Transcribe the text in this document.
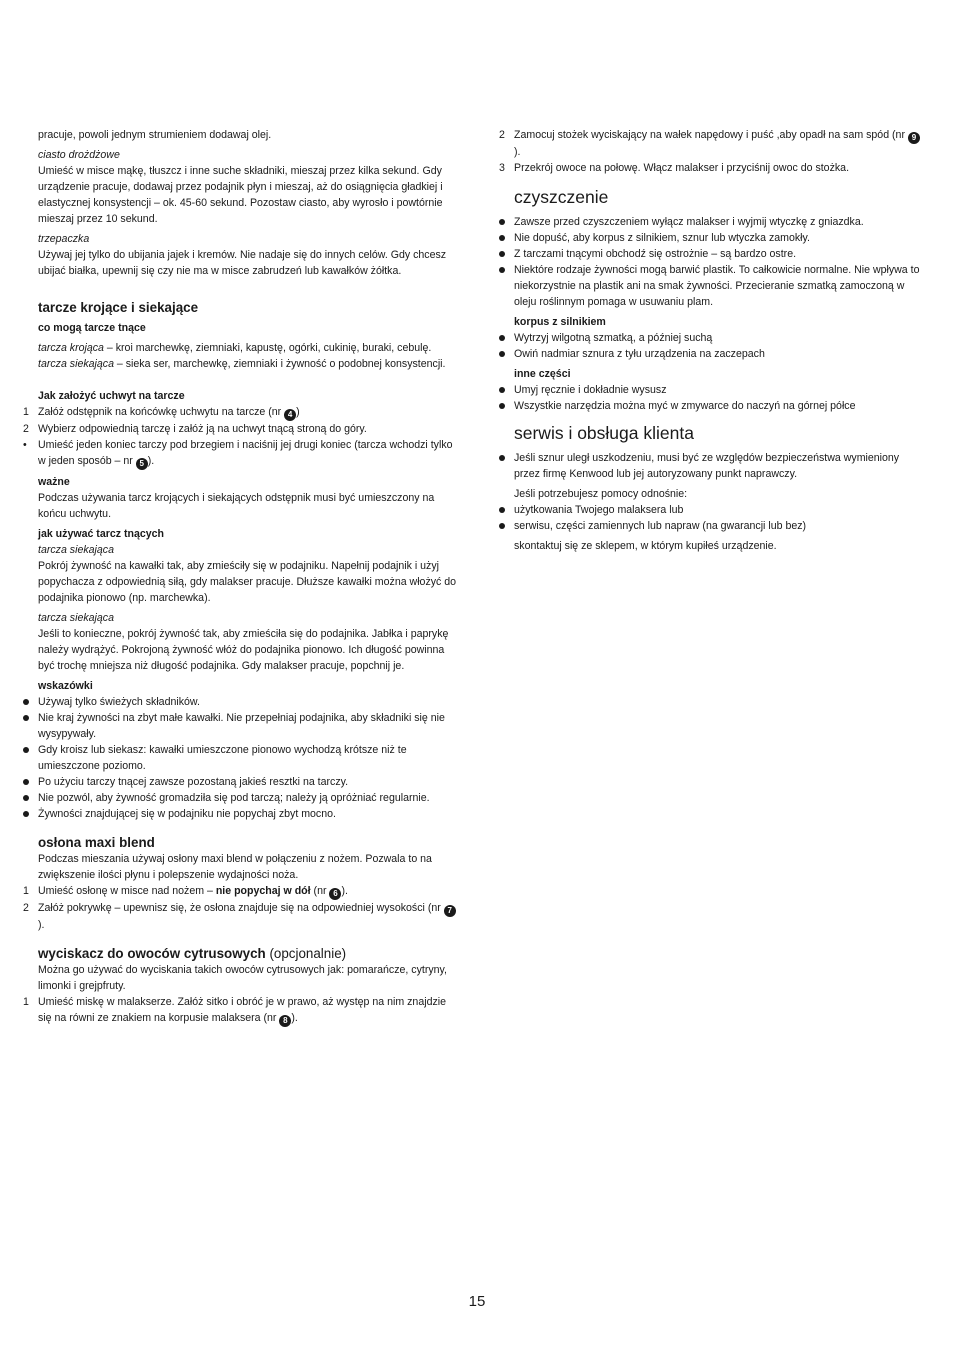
pracuje, powoli jednym strumieniem dodawaj olej.

ciasto drożdżowe

Umieść w misce mąkę, tłuszcz i inne suche składniki, mieszaj przez kilka sekund. Gdy urządzenie pracuje, dodawaj przez podajnik płyn i mieszaj, aż do osiągnięcia gładkiej i elastycznej konsystencji – ok. 45-60 sekund. Pozostaw ciasto, aby wyrosło i powtórnie mieszaj przez 10 sekund.

trzepaczka

Używaj jej tylko do ubijania jajek i kremów. Nie nadaje się do innych celów. Gdy chcesz ubijać białka, upewnij się czy nie ma w misce zabrudzeń lub kawałków żółtka.

tarcze krojące i siekające

co mogą tarcze tnące

tarcza krojąca – kroi marchewkę, ziemniaki, kapustę, ogórki, cukinię, buraki, cebulę.

tarcza siekająca – sieka ser, marchewkę, ziemniaki i żywność o podobnej konsystencji.

Jak założyć uchwyt na tarcze

1 Załóż odstępnik na końcówkę uchwytu na tarcze (nr 4 )

2 Wybierz odpowiednią tarczę i załóż ją na uchwyt tnącą stroną do góry.

•	Umieść jeden koniec tarczy pod brzegiem i naciśnij jej drugi koniec (tarcza wchodzi tylko w jeden sposób – nr 5 ).

ważne

Podczas używania tarcz krojących i siekających odstępnik musi być umieszczony na końcu uchwytu.

jak używać tarcz tnących

tarcza siekająca

Pokrój żywność na kawałki tak, aby zmieściły się w podajniku. Napełnij podajnik i użyj popychacza z odpowiednią siłą, gdy malakser pracuje. Dłuższe kawałki można włożyć do podajnika pionowo (np. marchewka).

tarcza siekająca

Jeśli to konieczne, pokrój żywność tak, aby zmieściła się do podajnika. Jabłka i paprykę należy wydrążyć. Pokrojoną żywność włóż do podajnika pionowo. Ich długość powinna być trochę mniejsza niż długość podajnika. Gdy malakser pracuje, popchnij je.

wskazówki

Używaj tylko świeżych składników.

Nie kraj żywności na zbyt małe kawałki. Nie przepełniaj podajnika, aby składniki się nie wysypywały.

Gdy kroisz lub siekasz: kawałki umieszczone pionowo wychodzą krótsze niż te umieszczone poziomo.

Po użyciu tarczy tnącej zawsze pozostaną jakieś resztki na tarczy.

Nie pozwól, aby żywność gromadziła się pod tarczą; należy ją opróżniać regularnie.

Żywności znajdującej się w podajniku nie popychaj zbyt mocno.

osłona maxi blend

Podczas mieszania używaj osłony maxi blend w połączeniu z nożem. Pozwala to na zwiększenie ilości płynu i polepszenie wydajności noża.

1 Umieść osłonę w misce nad nożem – nie popychaj w dół (nr 6 ).

2 Załóż pokrywkę – upewnisz się, że osłona znajduje się na odpowiedniej wysokości (nr 7).

wyciskacz do owoców cytrusowych (opcjonalnie)

Można go używać do wyciskania takich owoców cytrusowych jak: pomarańcze, cytryny, limonki i grejpfruty.

1 Umieść miskę w malakserze. Załóż sitko i obróć je w prawo, aż występ na nim znajdzie się na równi ze znakiem na korpusie malaksera (nr 8 ).

2 Zamocuj stożek wyciskający na wałek napędowy i puść ,aby opadł na sam spód (nr 9).

3 Przekrój owoce na połowę. Włącz malakser i przyciśnij owoc do stożka.

czyszczenie

Zawsze przed czyszczeniem wyłącz malakser i wyjmij wtyczkę z gniazdka.

Nie dopuść, aby korpus z silnikiem, sznur lub wtyczka zamokły.

Z tarczami tnącymi obchodź się ostrożnie – są bardzo ostre.

Niektóre rodzaje żywności mogą barwić plastik. To całkowicie normalne. Nie wpływa to niekorzystnie na plastik ani na smak żywności. Przecieranie szmatką zamoczoną w oleju roślinnym pomaga w usuwaniu plam.

korpus z silnikiem

Wytrzyj wilgotną szmatką, a później suchą

Owiń nadmiar sznura z tyłu urządzenia na zaczepach

inne części

Umyj ręcznie i dokładnie wysusz

Wszystkie narzędzia można myć w zmywarce do naczyń na górnej półce

serwis i obsługa klienta

Jeśli sznur uległ uszkodzeniu, musi być ze względów bezpieczeństwa wymieniony przez firmę Kenwood lub jej autoryzowany punkt naprawczy.

Jeśli potrzebujesz pomocy odnośnie:

użytkowania Twojego malaksera lub

serwisu, części zamiennych lub napraw (na gwarancji lub bez)

skontaktuj się ze sklepem, w którym kupiłeś urządzenie.

15
